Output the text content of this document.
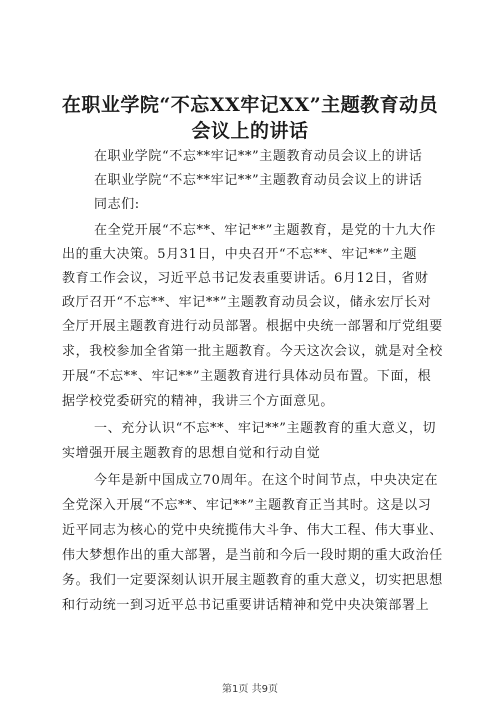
在职业学院“不忘XX牢记XX”主题教育动员
会议上的讲话
在职业学院“不忘**牢记**”主题教育动员会议上的讲话
在职业学院“不忘**牢记**”主题教育动员会议上的讲话
同志们:
在全党开展“不忘**、牢记**”主题教育，是党的十九大作
出的重大决策。5月31日，中央召开“不忘**、牢记**”主题
教育工作会议，习近平总书记发表重要讲话。6月12日，省财
政厅召开“不忘**、牢记**”主题教育动员会议，储永宏厅长对
全厅开展主题教育进行动员部署。根据中央统一部署和厅党组要
求，我校参加全省第一批主题教育。今天这次会议，就是对全校
开展“不忘**、牢记**”主题教育进行具体动员布置。下面，根
据学校党委研究的精神，我讲三个方面意见。
一、充分认识“不忘**、牢记**”主题教育的重大意义，切
实增强开展主题教育的思想自觉和行动自觉
今年是新中国成立70周年。在这个时间节点，中央决定在
全党深入开展“不忘**、牢记**”主题教育正当其时。这是以习
近平同志为核心的党中央统揽伟大斗争、伟大工程、伟大事业、
伟大梦想作出的重大部署，是当前和今后一段时期的重大政治任
务。我们一定要深刻认识开展主题教育的重大意义，切实把思想
和行动统一到习近平总书记重要讲话精神和党中央决策部署上
第1页 共9页
